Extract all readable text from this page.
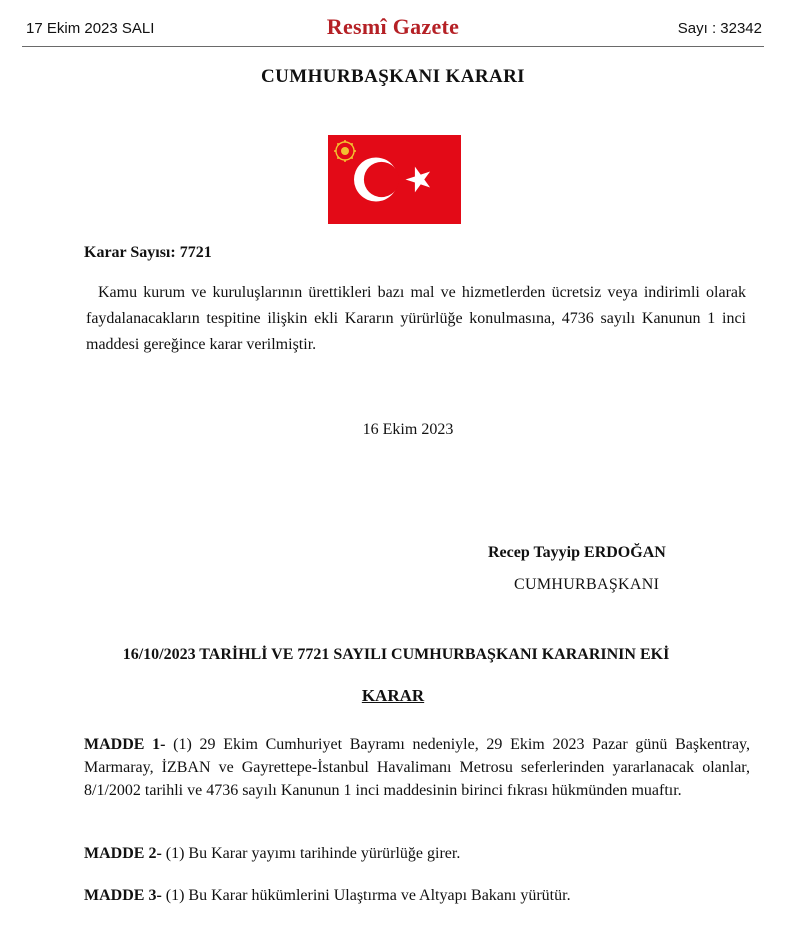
17 Ekim 2023 SALI	Resmî Gazete	Sayı : 32342
CUMHURBAŞKANI KARARI
Karar Sayısı: 7721
Kamu kurum ve kuruluşlarının ürettikleri bazı mal ve hizmetlerden ücretsiz veya indirimli olarak faydalanacakların tespitine ilişkin ekli Kararın yürürlüğe konulmasına, 4736 sayılı Kanunun 1 inci maddesi gereğince karar verilmiştir.
16 Ekim 2023
Recep Tayyip ERDOĞAN
CUMHURBAŞKANI
16/10/2023 TARİHLİ VE 7721 SAYILI CUMHURBAŞKANI KARARININ EKİ
KARAR
MADDE 1- (1) 29 Ekim Cumhuriyet Bayramı nedeniyle, 29 Ekim 2023 Pazar günü Başkentray, Marmaray, İZBAN ve Gayrettepe-İstanbul Havalimanı Metrosu seferlerinden yararlanacak olanlar, 8/1/2002 tarihli ve 4736 sayılı Kanunun 1 inci maddesinin birinci fıkrası hükmünden muaftır.
MADDE 2- (1) Bu Karar yayımı tarihinde yürürlüğe girer.
MADDE 3- (1) Bu Karar hükümlerini Ulaştırma ve Altyapı Bakanı yürütür.
